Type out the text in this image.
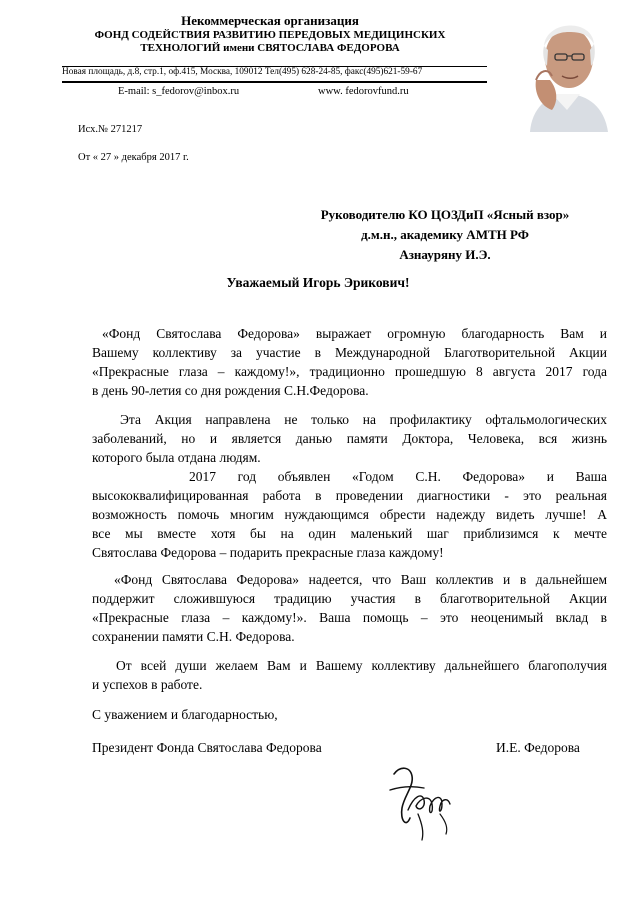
Некоммерческая организация
ФОНД СОДЕЙСТВИЯ РАЗВИТИЮ ПЕРЕДОВЫХ МЕДИЦИНСКИХ
ТЕХНОЛОГИЙ имени СВЯТОСЛАВА ФЕДОРОВА
Новая площадь, д.8, стр.1, оф.415, Москва, 109012 Тел(495) 628-24-85, факс(495)621-59-67
E-mail: s_fedorov@inbox.ru	www. fedorovfund.ru
Исх.№ 271217
От « 27 » декабря 2017 г.
Руководителю КО ЦОЗДиП «Ясный взор»
д.м.н., академику АМТН РФ
Азнауряну И.Э.
Уважаемый Игорь Эрикович!
«Фонд Святослава Федорова» выражает огромную благодарность Вам и
Вашему коллективу за участие в Международной Благотворительной Акции
«Прекрасные глаза – каждому!», традиционно прошедшую 8 августа 2017 года
в день 90-летия со дня рождения С.Н.Федорова.
Эта Акция направлена не только на профилактику офтальмологических
заболеваний, но и является данью памяти Доктора, Человека, вся жизнь
которого была отдана людям.
2017 год объявлен «Годом С.Н. Федорова» и Ваша
высококвалифицированная работа в проведении диагностики - это реальная
возможность помочь многим нуждающимся обрести надежду видеть лучше! А
все мы вместе хотя бы на один маленький шаг приблизимся к мечте
Святослава Федорова – подарить прекрасные глаза каждому!
«Фонд Святослава Федорова» надеется, что Ваш коллектив и в дальнейшем
поддержит сложившуюся традицию участия в благотворительной Акции
«Прекрасные глаза – каждому!». Ваша помощь – это неоценимый вклад в
сохранении памяти С.Н. Федорова.
От всей души желаем Вам и Вашему коллективу дальнейшего благополучия
и успехов в работе.
С уважением и благодарностью,
Президент Фонда Святослава Федорова	И.Е. Федорова
